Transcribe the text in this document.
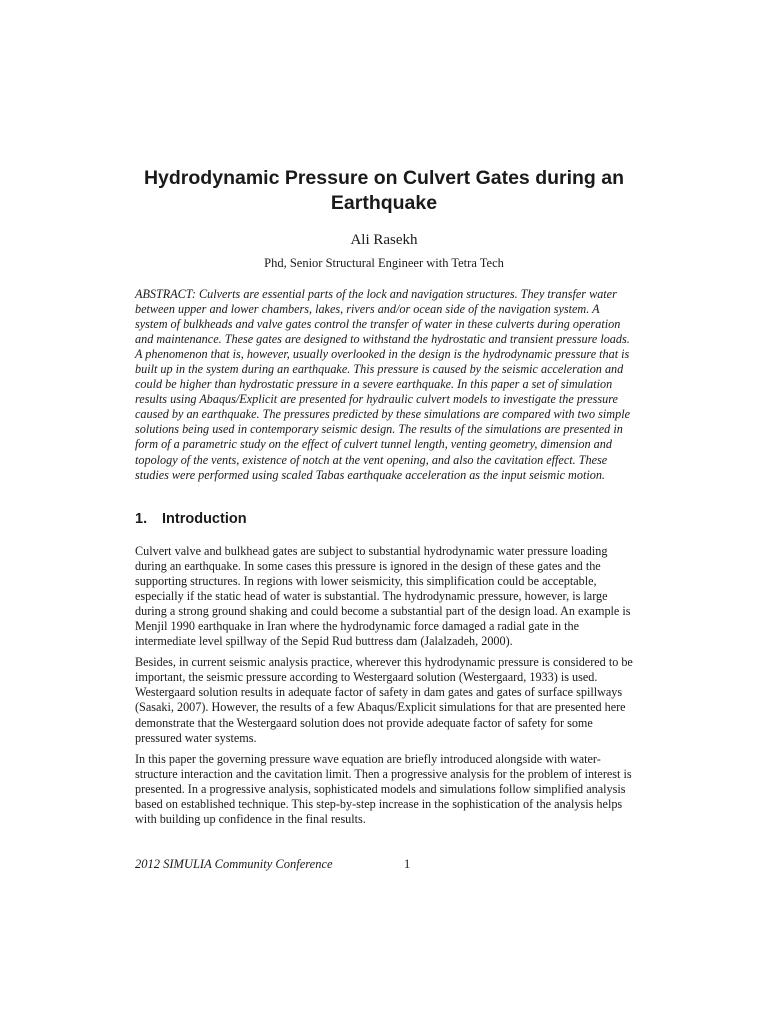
Hydrodynamic Pressure on Culvert Gates during an Earthquake
Ali Rasekh
Phd, Senior Structural Engineer with Tetra Tech
ABSTRACT: Culverts are essential parts of the lock and navigation structures. They transfer water between upper and lower chambers, lakes, rivers and/or ocean side of the navigation system. A system of bulkheads and valve gates control the transfer of water in these culverts during operation and maintenance. These gates are designed to withstand the hydrostatic and transient pressure loads. A phenomenon that is, however, usually overlooked in the design is the hydrodynamic pressure that is built up in the system during an earthquake. This pressure is caused by the seismic acceleration and could be higher than hydrostatic pressure in a severe earthquake. In this paper a set of simulation results using Abaqus/Explicit are presented for hydraulic culvert models to investigate the pressure caused by an earthquake. The pressures predicted by these simulations are compared with two simple solutions being used in contemporary seismic design. The results of the simulations are presented in form of a parametric study on the effect of culvert tunnel length, venting geometry, dimension and topology of the vents, existence of notch at the vent opening, and also the cavitation effect. These studies were performed using scaled Tabas earthquake acceleration as the input seismic motion.
1. Introduction

Culvert valve and bulkhead gates are subject to substantial hydrodynamic water pressure loading during an earthquake. In some cases this pressure is ignored in the design of these gates and the supporting structures. In regions with lower seismicity, this simplification could be acceptable, especially if the static head of water is substantial. The hydrodynamic pressure, however, is large during a strong ground shaking and could become a substantial part of the design load. An example is Menjil 1990 earthquake in Iran where the hydrodynamic force damaged a radial gate in the intermediate level spillway of the Sepid Rud buttress dam (Jalalzadeh, 2000).

Besides, in current seismic analysis practice, wherever this hydrodynamic pressure is considered to be important, the seismic pressure according to Westergaard solution (Westergaard, 1933) is used. Westergaard solution results in adequate factor of safety in dam gates and gates of surface spillways (Sasaki, 2007). However, the results of a few Abaqus/Explicit simulations for that are presented here demonstrate that the Westergaard solution does not provide adequate factor of safety for some pressured water systems.

In this paper the governing pressure wave equation are briefly introduced alongside with water-structure interaction and the cavitation limit. Then a progressive analysis for the problem of interest is presented. In a progressive analysis, sophisticated models and simulations follow simplified analysis based on established technique. This step-by-step increase in the sophistication of the analysis helps with building up confidence in the final results.

2012 SIMULIA Community Conference	1
